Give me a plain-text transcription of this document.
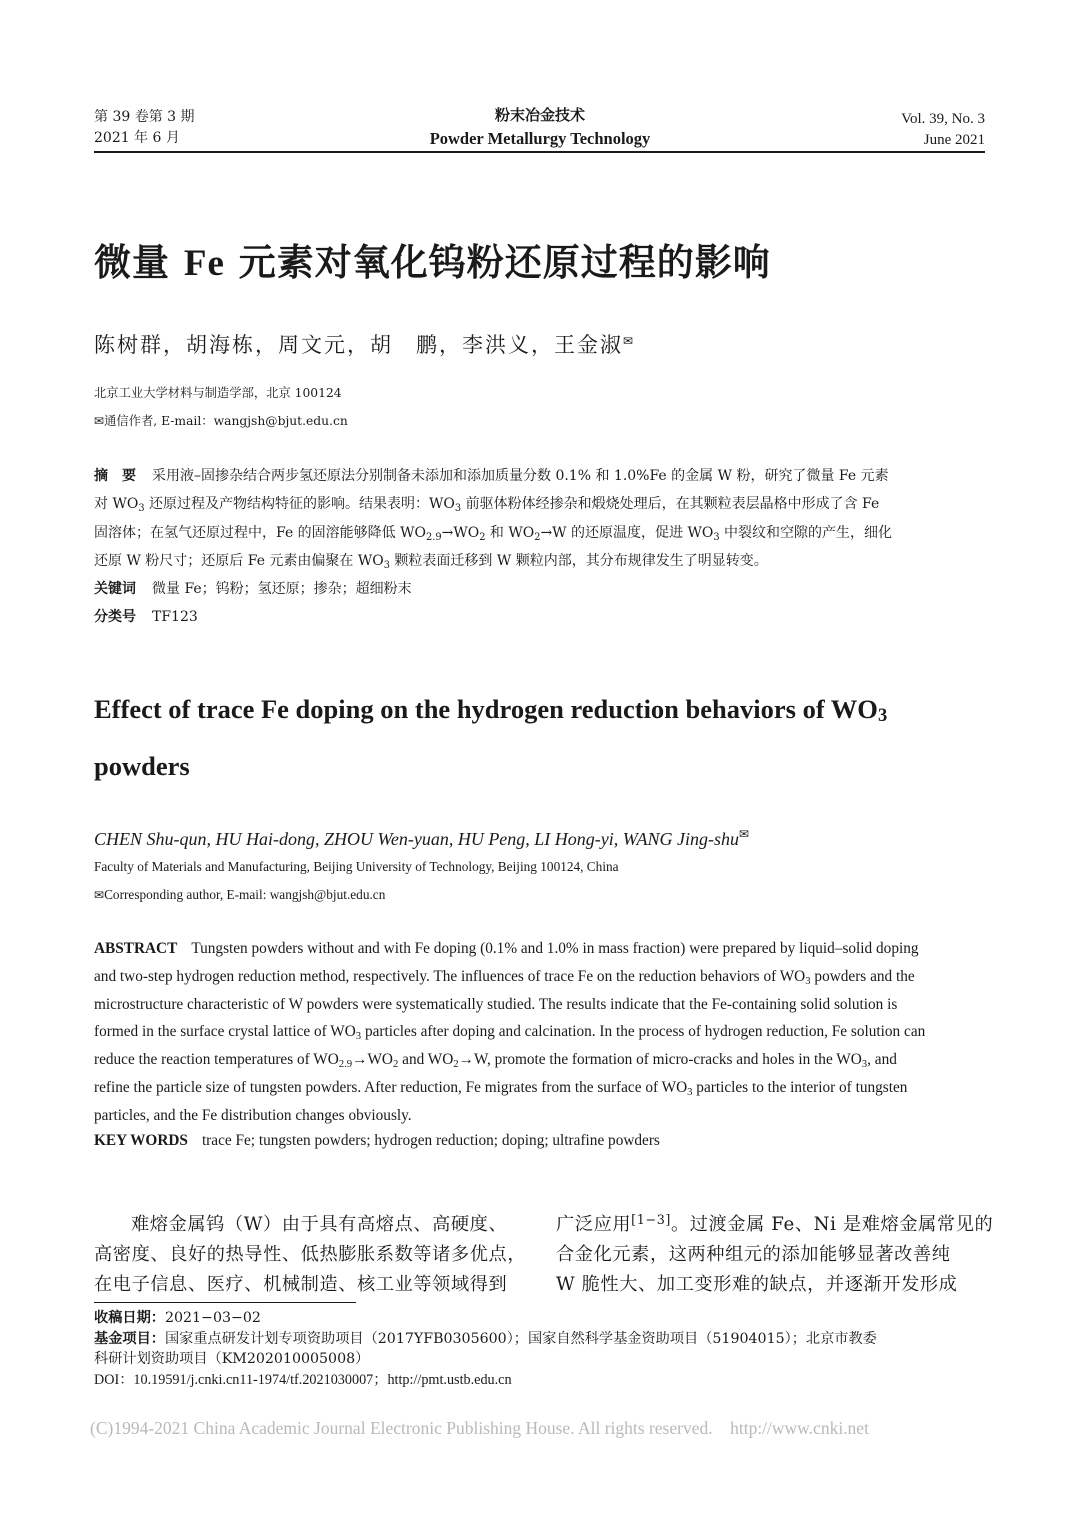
第 39 卷第 3 期
2021 年 6 月
粉末冶金技术
Powder Metallurgy Technology
Vol. 39, No. 3
June 2021
微量 Fe 元素对氧化钨粉还原过程的影响
陈树群，胡海栋，周文元，胡　鹏，李洪义，王金淑✉
北京工业大学材料与制造学部，北京 100124
✉通信作者, E-mail：wangjsh@bjut.edu.cn
摘　要 采用液–固掺杂结合两步氢还原法分别制备未添加和添加质量分数 0.1% 和 1.0%Fe 的金属 W 粉，研究了微量 Fe 元素
对 $WO_3$ 还原过程及产物结构特征的影响。结果表明：$WO_3$ 前驱体粉体经掺杂和煅烧处理后，在其颗粒表层晶格中形成了含 Fe
固溶体；在氢气还原过程中，Fe 的固溶能够降低 $WO_{2.9}\to WO_2$ 和 $WO_2\to W$ 的还原温度，促进 $WO_3$ 中裂纹和空隙的产生，细化
还原 W 粉尺寸；还原后 Fe 元素由偏聚在 $WO_3$ 颗粒表面迁移到 W 颗粒内部，其分布规律发生了明显转变。
关键词 微量 Fe；钨粉；氢还原；掺杂；超细粉末
分类号 TF123
Effect of trace Fe doping on the hydrogen reduction behaviors of $WO_3$
powders
CHEN Shu-qun, HU Hai-dong, ZHOU Wen-yuan, HU Peng, LI Hong-yi, WANG Jing-shu✉
Faculty of Materials and Manufacturing, Beijing University of Technology, Beijing 100124, China
✉Corresponding author, E-mail: wangjsh@bjut.edu.cn
ABSTRACT Tungsten powders without and with Fe doping (0.1% and 1.0% in mass fraction) were prepared by liquid–solid doping
and two-step hydrogen reduction method, respectively. The influences of trace Fe on the reduction behaviors of $WO_3$ powders and the
microstructure characteristic of W powders were systematically studied. The results indicate that the Fe-containing solid solution is
formed in the surface crystal lattice of $WO_3$ particles after doping and calcination. In the process of hydrogen reduction, Fe solution can
reduce the reaction temperatures of $WO_{2.9}\to WO_2$ and $WO_2\to W$, promote the formation of micro-cracks and holes in the $WO_3$, and
refine the particle size of tungsten powders. After reduction, Fe migrates from the surface of $WO_3$ particles to the interior of tungsten
particles, and the Fe distribution changes obviously.
KEY WORDS trace Fe; tungsten powders; hydrogen reduction; doping; ultrafine powders
难熔金属钨（W）由于具有高熔点、高硬度、
高密度、良好的热导性、低热膨胀系数等诸多优点，
在电子信息、医疗、机械制造、核工业等领域得到
广泛应用[1−3]。过渡金属 Fe、Ni 是难熔金属常见的
合金化元素，这两种组元的添加能够显著改善纯
W 脆性大、加工变形难的缺点，并逐渐开发形成
收稿日期：2021−03−02
基金项目：国家重点研发计划专项资助项目（2017YFB0305600）；国家自然科学基金资助项目（51904015）；北京市教委
科研计划资助项目（KM202010005008）
DOI：10.19591/j.cnki.cn11-1974/tf.2021030007；http://pmt.ustb.edu.cn
(C)1994-2021 China Academic Journal Electronic Publishing House. All rights reserved.    http://www.cnki.net
